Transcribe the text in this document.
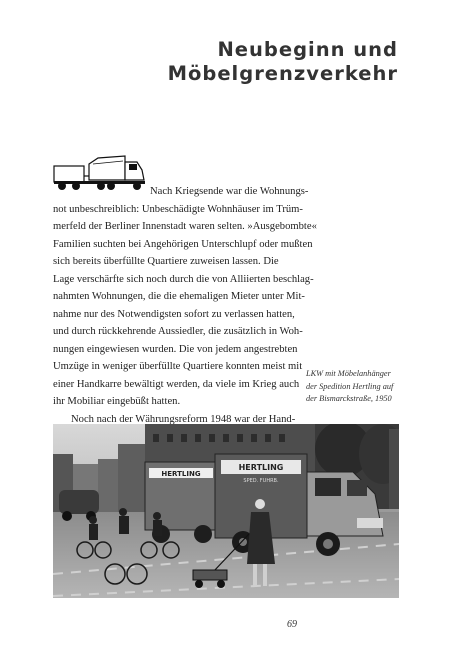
Neubeginn und
Möbelgrenzverkehr

Nach Kriegsende war die Wohnungs-
not unbeschreiblich: Unbeschädigte Wohnhäuser im Trüm-
merfeld der Berliner Innenstadt waren selten. »Ausgebombte«
Familien suchten bei Angehörigen Unterschlupf oder mußten
sich bereits überfüllte Quartiere zuweisen lassen. Die
Lage verschärfte sich noch durch die von Alliierten beschlag-
nahmten Wohnungen, die die ehemaligen Mieter unter Mit-
nahme nur des Notwendigsten sofort zu verlassen hatten,
und durch rückkehrende Aussiedler, die zusätzlich in Woh-
nungen eingewiesen wurden. Die von jedem angestrebten
Umzüge in weniger überfüllte Quartiere konnten meist mit
einer Handkarre bewältigt werden, da viele im Krieg auch
ihr Mobiliar eingebüßt hatten.

Noch nach der Währungsreform 1948 war der Hand-

LKW mit Möbelanhänger
der Spedition Hertling auf
der Bismarckstraße, 1950
HERTLING
HERTLING
SPED. FUHRB.
69
